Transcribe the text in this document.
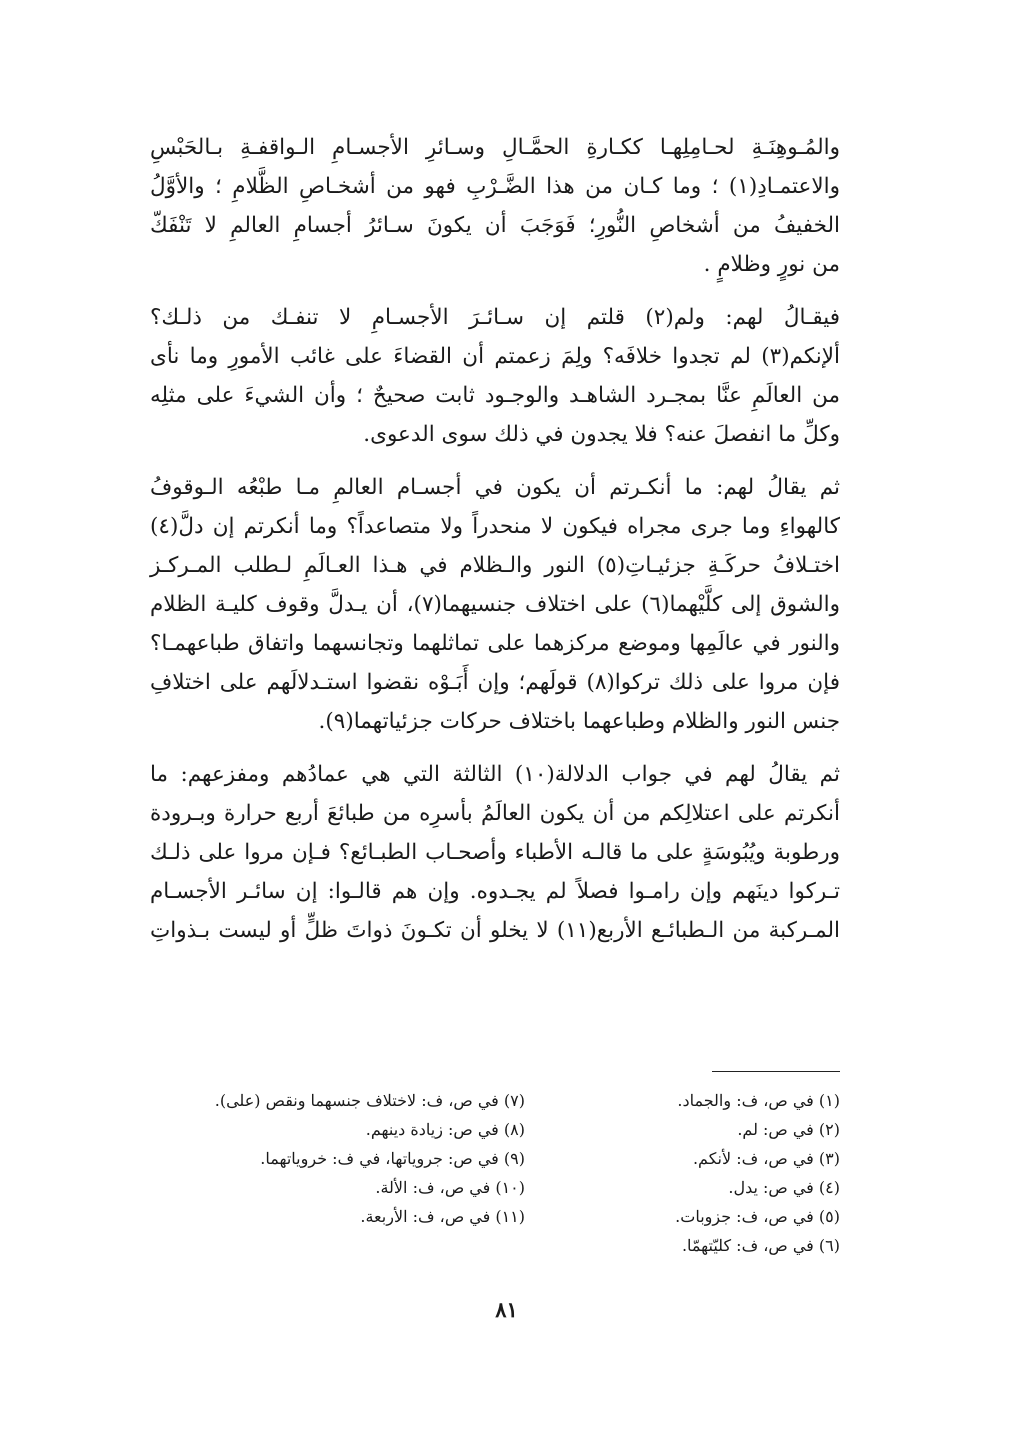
والمُـوهِنَـةِ لحـامِلِهـا ككـارةِ الحمَّـالِ وسـائرِ الأجسـامِ الـواقفـةِ بـالحَبْسِ
والاعتمـادِ(١) ؛ وما كـان من هذا الضَّـرْبِ فهو من أشخـاصِ الظَّلامِ ؛ والأوَّلُ
الخفيفُ من أشخاصِ النُّورِ؛ فَوَجَبَ أن يكونَ سـائرُ أجسامِ العالمِ لا تَنْفَكّ
من نورٍ وظلامٍ .
فيقـالُ لهم: ولم(٢) قلتم إن سـائـرَ الأجسـامِ لا تنفـك من ذلـك؟
ألإنكم(٣) لم تجدوا خلافَه؟ ولِمَ زعمتم أن القضاءَ على غائب الأمورِ وما نأى
من العالَمِ عنَّا بمجـرد الشاهـد والوجـود ثابت صحيحٌ ؛ وأن الشيءَ على مثلِه
وكلِّ ما انفصلَ عنه؟ فلا يجدون في ذلك سوى الدعوى.
ثم يقالُ لهم: ما أنكـرتم أن يكون في أجسـام العالمِ مـا طبْعُه الـوقوفُ
كالهواءِ وما جرى مجراه فيكون لا منحدراً ولا متصاعداً؟ وما أنكرتم إن دلَّ(٤)
اختـلافُ حركَـةِ جزئيـاتِ(٥) النور والـظلام في هـذا العـالَمِ لـطلب المـركـز
والشوق إلى كلَّيْهما(٦) على اختلاف جنسيهما(٧)، أن يـدلَّ وقوف كليـة الظلام
والنور في عالَمِها وموضع مركزهما على تماثلهما وتجانسهما واتفاق طباعهمـا؟
فإن مروا على ذلك تركوا(٨) قولَهم؛ وإن أَبَـوْه نقضوا استـدلالَهم على اختلافِ
جنس النور والظلام وطباعهما باختلاف حركات جزئياتهما(٩).
ثم يقالُ لهم في جواب الدلالة(١٠) الثالثة التي هي عمادُهم ومفزعهم: ما
أنكرتم على اعتلالِكم من أن يكون العالَمُ بأسرِه من طبائعَ أربع حرارة وبـرودة
ورطوبة ويُبُوسَةٍ على ما قالـه الأطباء وأصحـاب الطبـائع؟ فـإن مروا على ذلـك
تـركوا دينَهم وإن رامـوا فصلاً لم يجـدوه. وإن هم قالـوا: إن سائـر الأجسـام
المـركبة من الـطبائـع الأربع(١١) لا يخلو أن تكـونَ ذواتَ ظلٍّ أو ليست بـذواتِ
(١) في ص، ف: والجماد.
(٢) في ص: لم.
(٣) في ص، ف: لأنكم.
(٤) في ص: يدل.
(٥) في ص، ف: جزوبات.
(٦) في ص، ف: كليّتهمّا.
(٧) في ص، ف: لاختلاف جنسهما ونقص (على).
(٨) في ص: زيادة دينهم.
(٩) في ص: جروياتها، في ف: خروياتهما.
(١٠) في ص، ف: الألة.
(١١) في ص، ف: الأربعة.
٨١
